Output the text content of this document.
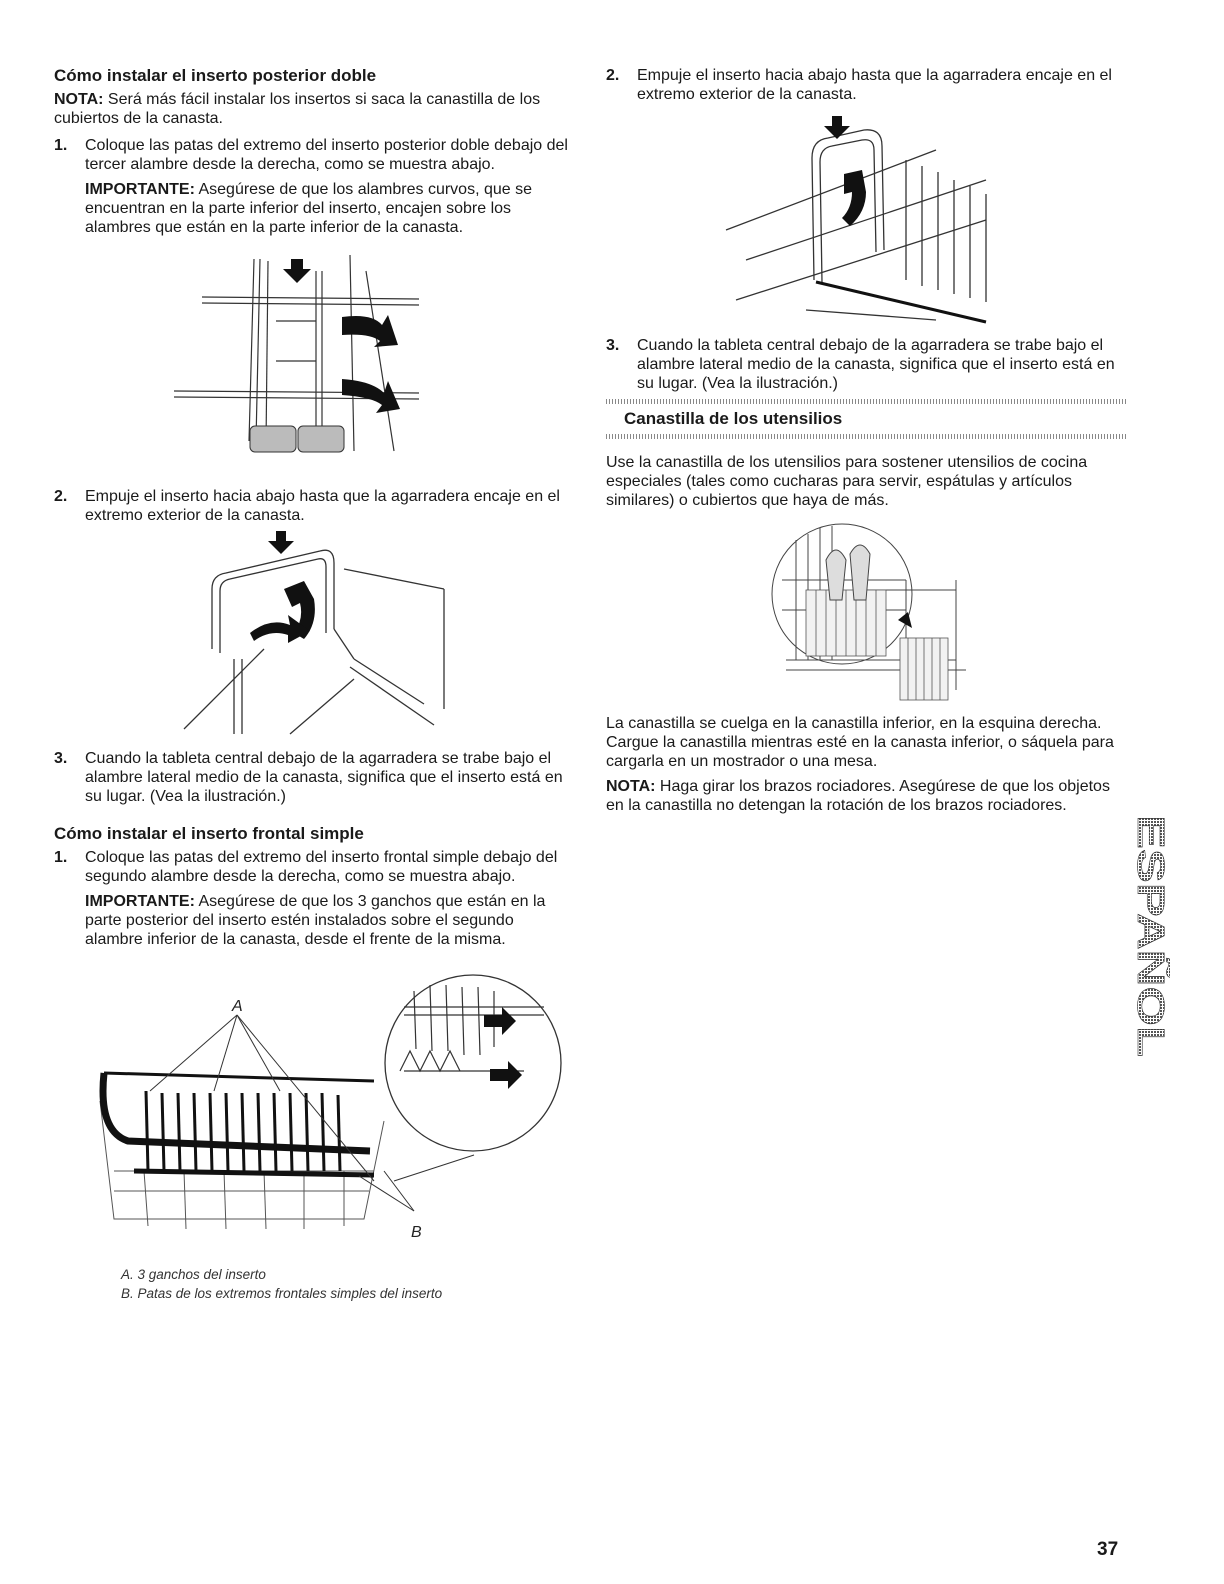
Cómo instalar el inserto posterior doble

NOTA: Será más fácil instalar los insertos si saca la canastilla de los cubiertos de la canasta.

1. Coloque las patas del extremo del inserto posterior doble debajo del tercer alambre desde la derecha, como se muestra abajo.

IMPORTANTE: Asegúrese de que los alambres curvos, que se encuentran en la parte inferior del inserto, encajen sobre los alambres que están en la parte inferior de la canasta.

2. Empuje el inserto hacia abajo hasta que la agarradera encaje en el extremo exterior de la canasta.

3. Cuando la tableta central debajo de la agarradera se trabe bajo el alambre lateral medio de la canasta, significa que el inserto está en su lugar. (Vea la ilustración.)

Cómo instalar el inserto frontal simple
1. Coloque las patas del extremo del inserto frontal simple debajo del segundo alambre desde la derecha, como se muestra abajo.

IMPORTANTE: Asegúrese de que los 3 ganchos que están en la parte posterior del inserto estén instalados sobre el segundo alambre inferior de la canasta, desde el frente de la misma.

A
B
A. 3 ganchos del inserto
B. Patas de los extremos frontales simples del inserto
2. Empuje el inserto hacia abajo hasta que la agarradera encaje en el extremo exterior de la canasta.

3. Cuando la tableta central debajo de la agarradera se trabe bajo el alambre lateral medio de la canasta, significa que el inserto está en su lugar. (Vea la ilustración.)

Canastilla de los utensilios

Use la canastilla de los utensilios para sostener utensilios de cocina especiales (tales como cucharas para servir, espátulas y artículos similares) o cubiertos que haya de más.

La canastilla se cuelga en la canastilla inferior, en la esquina derecha. Cargue la canastilla mientras esté en la canasta inferior, o sáquela para cargarla en un mostrador o una mesa.

NOTA: Haga girar los brazos rociadores. Asegúrese de que los objetos en la canastilla no detengan la rotación de los brazos rociadores.

ESPAÑOL
37
